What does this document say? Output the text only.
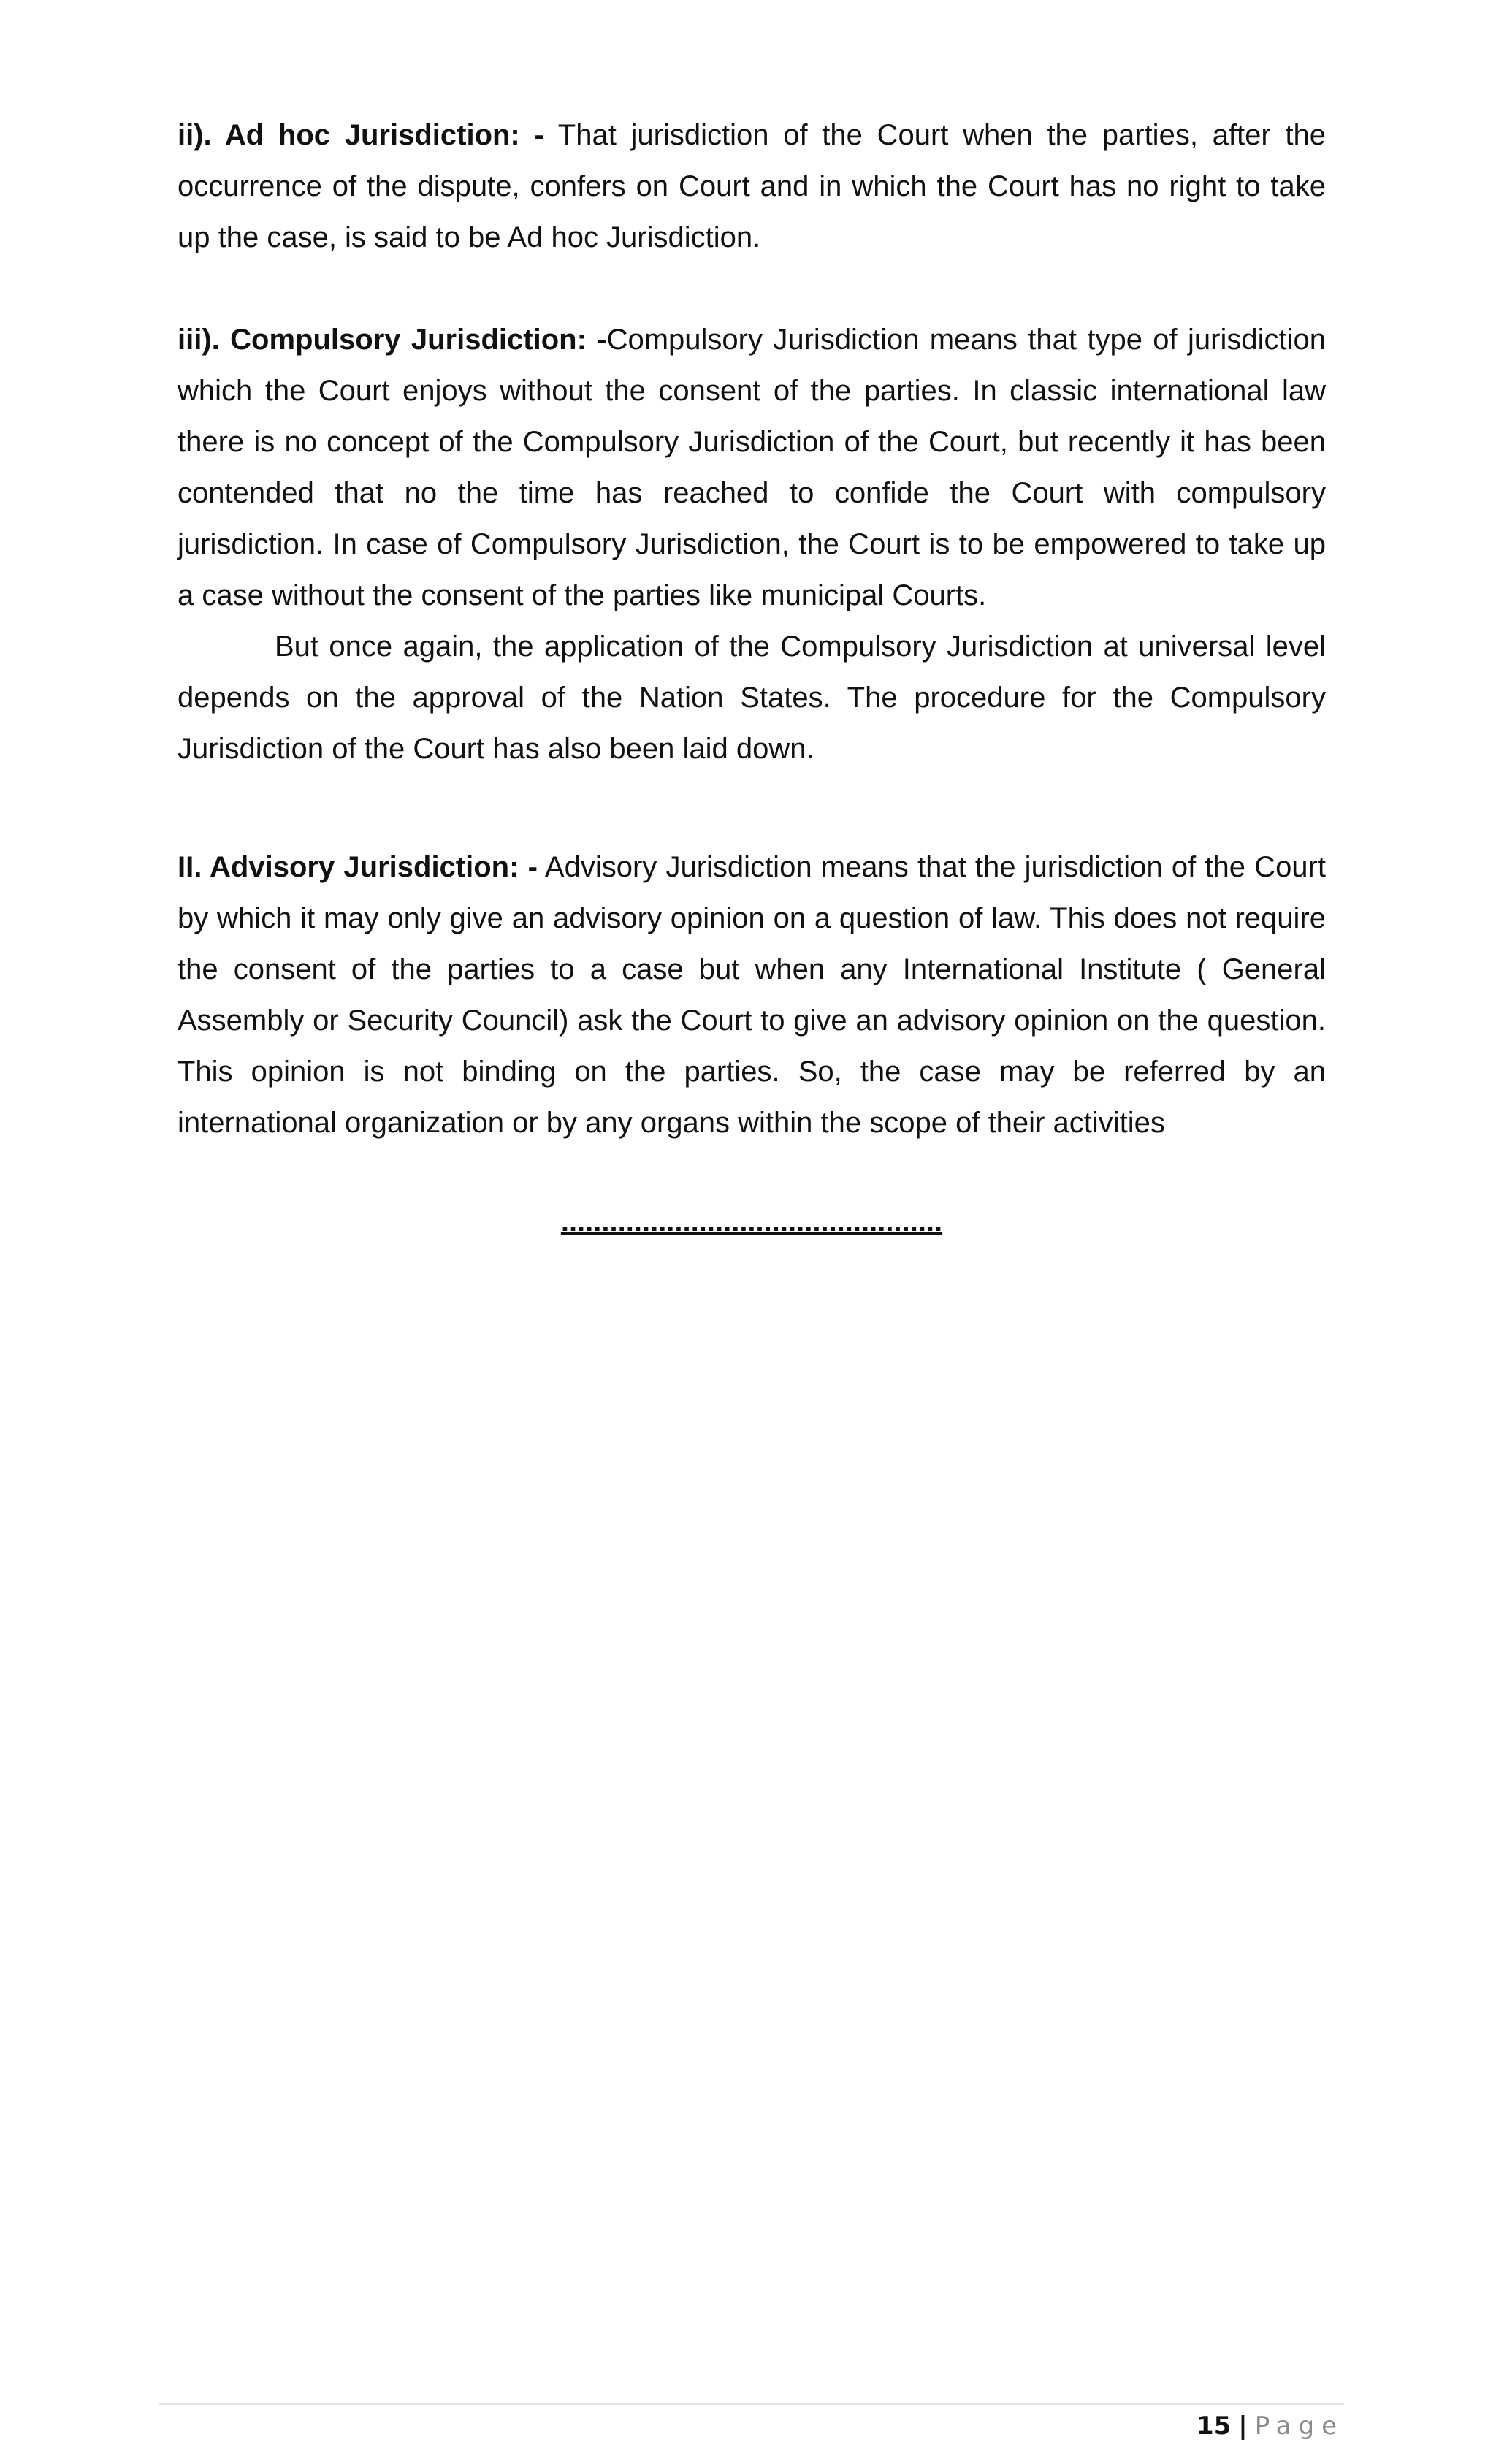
ii). Ad hoc Jurisdiction: - That jurisdiction of the Court when the parties, after the occurrence of the dispute, confers on Court and in which the Court has no right to take up the case, is said to be Ad hoc Jurisdiction.

iii). Compulsory Jurisdiction: -Compulsory Jurisdiction means that type of jurisdiction which the Court enjoys without the consent of the parties. In classic international law there is no concept of the Compulsory Jurisdiction of the Court, but recently it has been contended that no the time has reached to confide the Court with compulsory jurisdiction. In case of Compulsory Jurisdiction, the Court is to be empowered to take up a case without the consent of the parties like municipal Courts.

But once again, the application of the Compulsory Jurisdiction at universal level depends on the approval of the Nation States. The procedure for the Compulsory Jurisdiction of the Court has also been laid down.

II. Advisory Jurisdiction: - Advisory Jurisdiction means that the jurisdiction of the Court by which it may only give an advisory opinion on a question of law. This does not require the consent of the parties to a case but when any International Institute ( General Assembly or Security Council) ask the Court to give an advisory opinion on the question. This opinion is not binding on the parties. So, the case may be referred by an international organization or by any organs within the scope of their activities

...............................................
15 | Page
